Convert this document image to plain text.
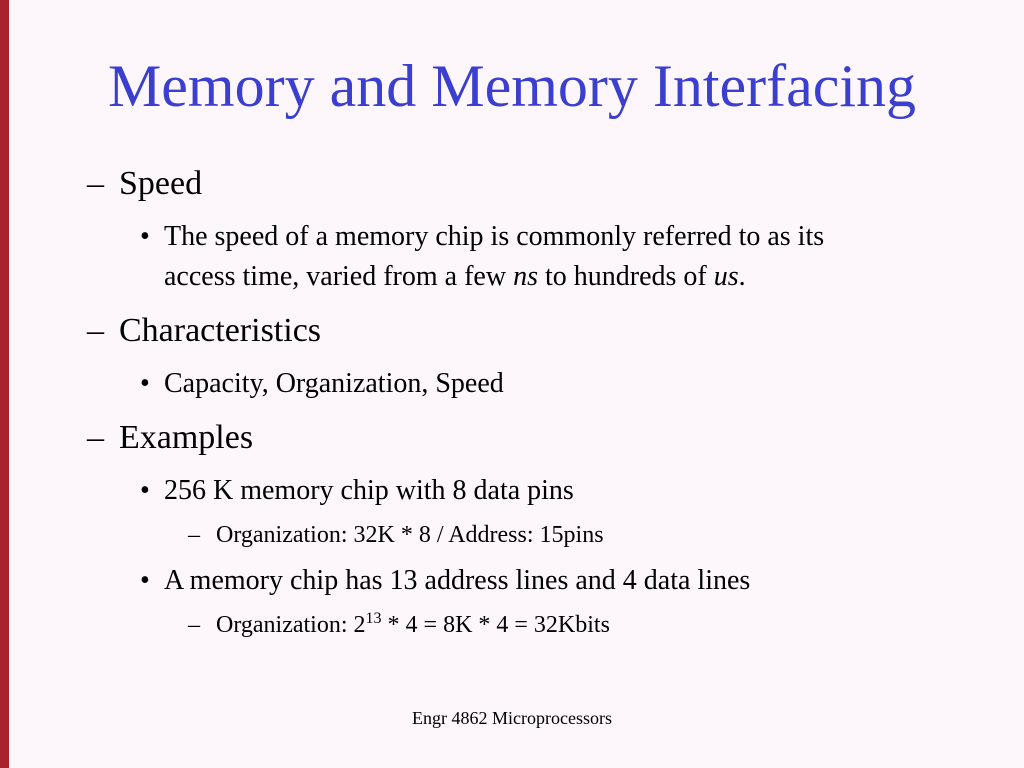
Memory and Memory Interfacing
– Speed
• The speed of a memory chip is commonly referred to as its
access time, varied from a few ns to hundreds of us.
– Characteristics
• Capacity, Organization, Speed
– Examples
• 256 K memory chip with 8 data pins
– Organization: 32K * 8 / Address: 15pins
• A memory chip has 13 address lines and 4 data lines
– Organization: $2^{13} * 4 = 8K * 4$ = 32Kbits
Engr 4862 Microprocessors
